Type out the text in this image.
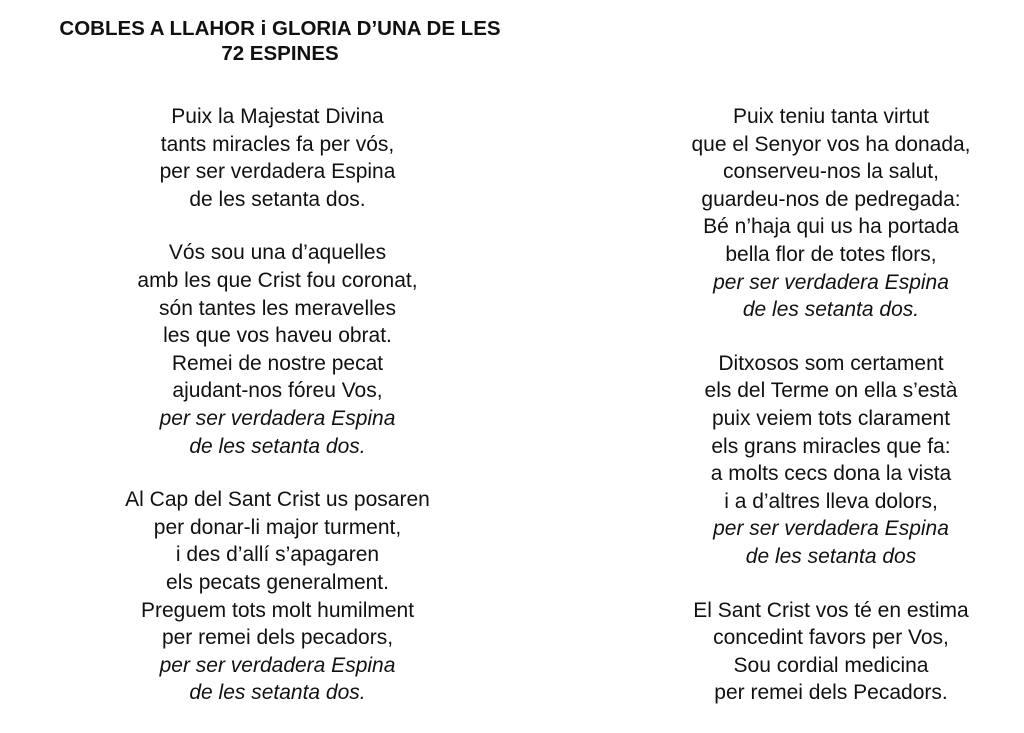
COBLES A LLAHOR i GLORIA D’UNA DE LES
72 ESPINES
Puix la Majestat Divina
tants miracles fa per vós,
per ser verdadera Espina
de les setanta dos.
Vós sou una d’aquelles
amb les que Crist fou coronat,
són tantes les meravelles
les que vos haveu obrat.
Remei de nostre pecat
ajudant-nos fóreu Vos,
per ser verdadera Espina
de les setanta dos.
Al Cap del Sant Crist us posaren
per donar-li major turment,
i des d’allí s’apagaren
els pecats generalment.
Preguem tots molt humilment
per remei dels pecadors,
per ser verdadera Espina
de les setanta dos.
Puix teniu tanta virtut
que el Senyor vos ha donada,
conserveu-nos la salut,
guardeu-nos de pedregada:
Bé n’haja qui us ha portada
bella flor de totes flors,
per ser verdadera Espina
de les setanta dos.
Ditxosos som certament
els del Terme on ella s’està
puix veiem tots clarament
els grans miracles que fa:
a molts cecs dona la vista
i a d’altres lleva dolors,
per ser verdadera Espina
de les setanta dos
El Sant Crist vos té en estima
concedint favors per Vos,
Sou cordial medicina
per remei dels Pecadors.
